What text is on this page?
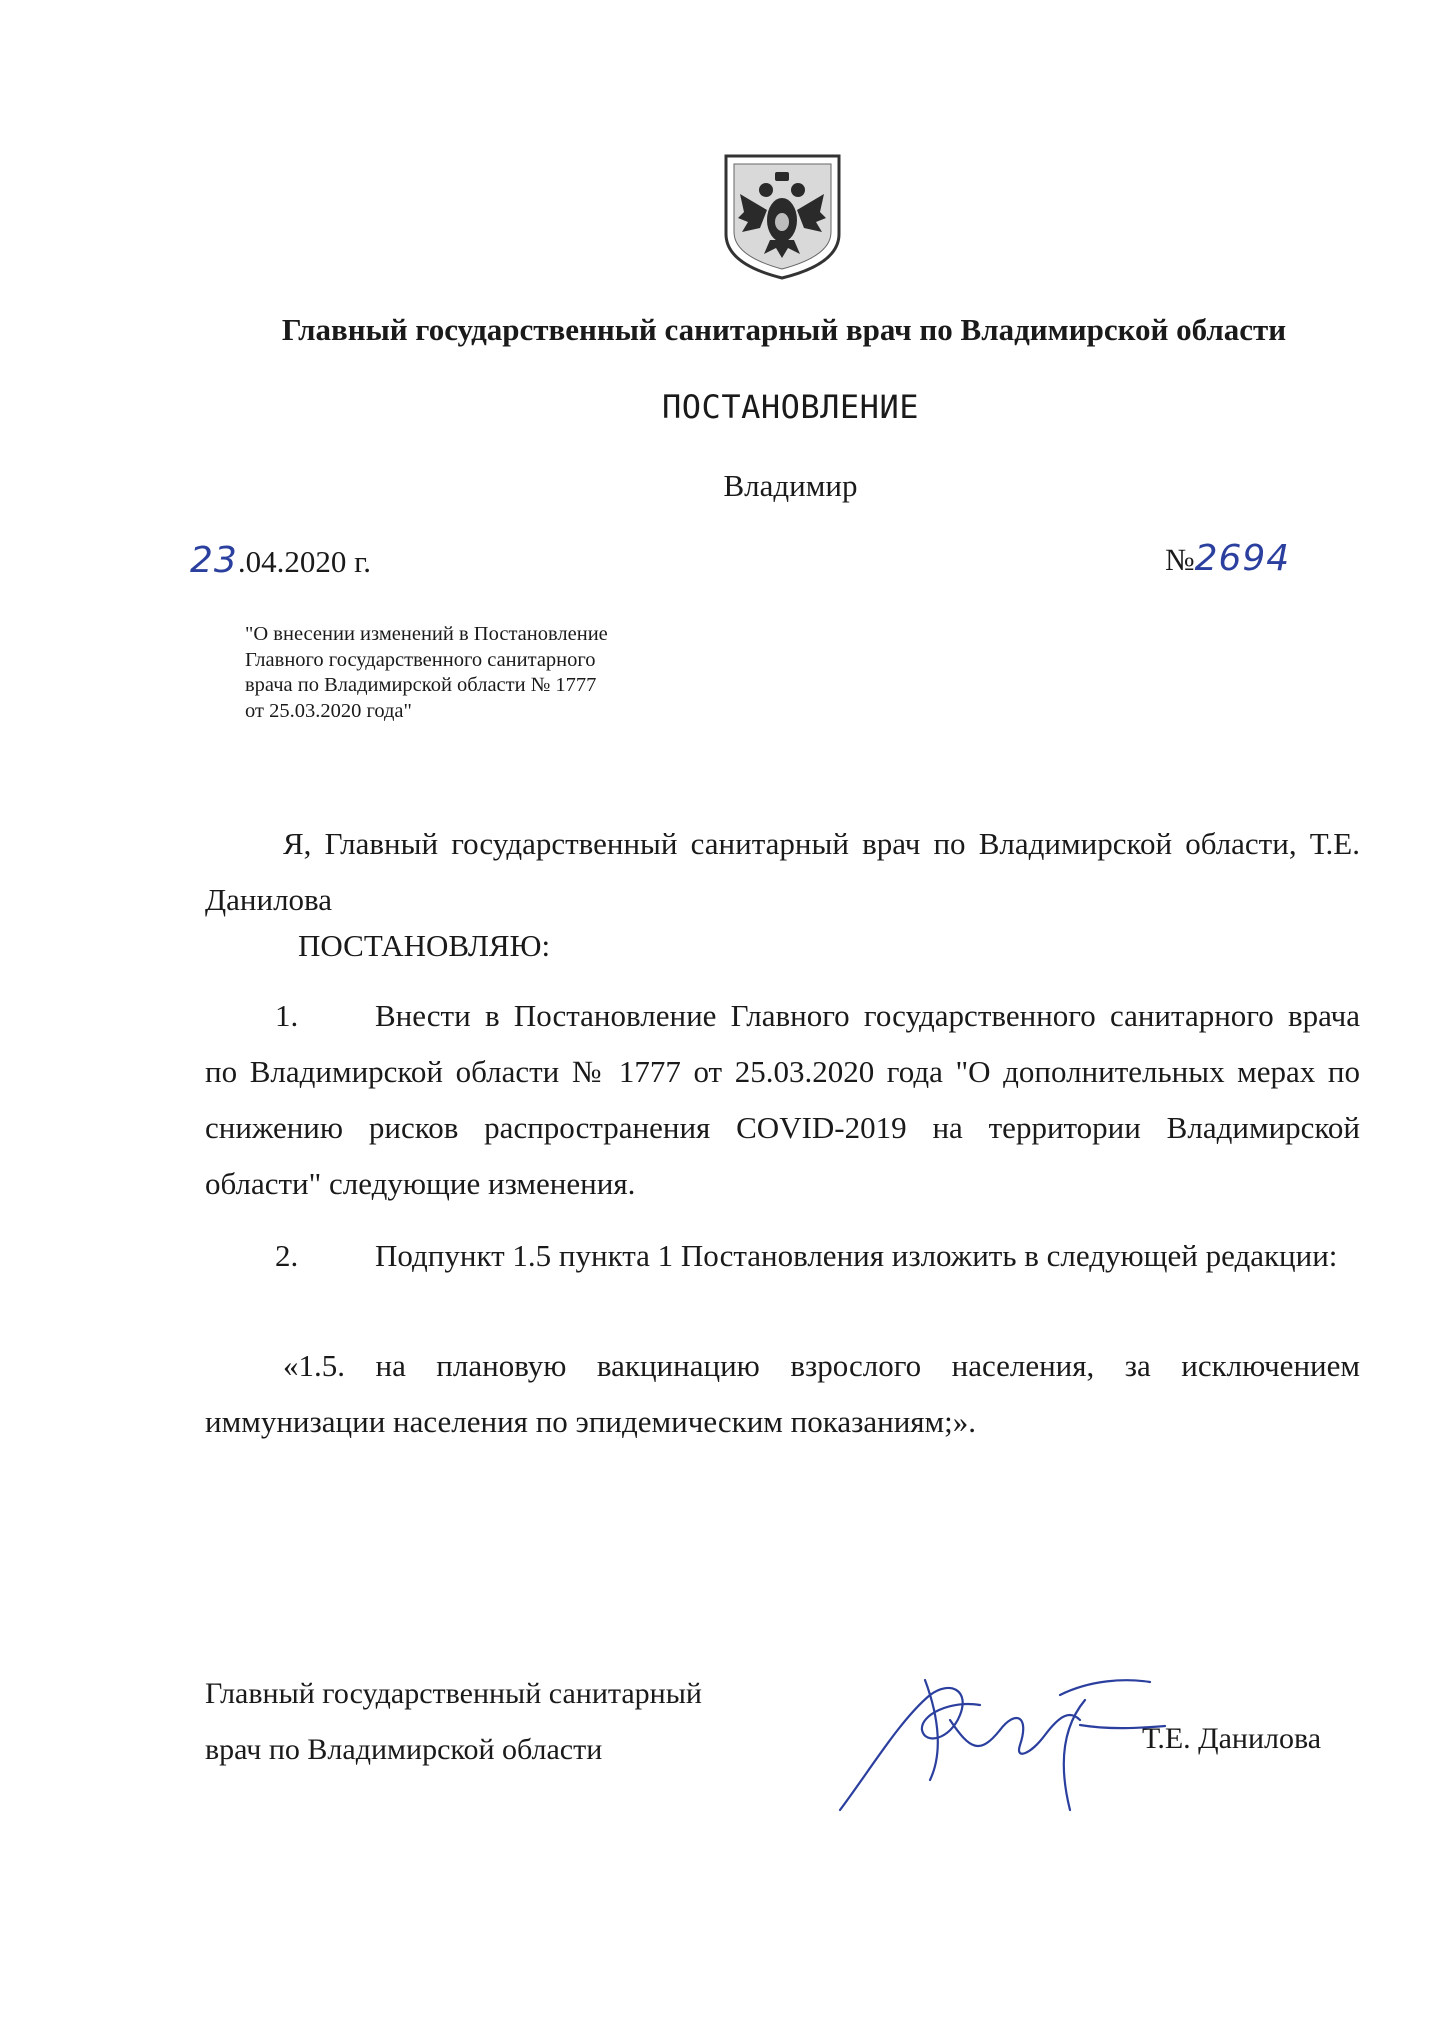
Главный государственный санитарный врач по Владимирской области
ПОСТАНОВЛЕНИЕ
Владимир
23.04.2020 г.	№2694
"О внесении изменений в Постановление
Главного государственного санитарного
врача по Владимирской области № 1777
от 25.03.2020 года"
Я, Главный государственный санитарный врач по Владимирской области, Т.Е. Данилова
ПОСТАНОВЛЯЮ:
1. Внести в Постановление Главного государственного санитарного врача по Владимирской области № 1777 от 25.03.2020 года "О дополнительных мерах по снижению рисков распространения COVID-2019 на территории Владимирской области" следующие изменения.
2. Подпункт 1.5 пункта 1 Постановления изложить в следующей редакции:
«1.5. на плановую вакцинацию взрослого населения, за исключением иммунизации населения по эпидемическим показаниям;».
Главный государственный санитарный
врач по Владимирской области	Т.Е. Данилова
